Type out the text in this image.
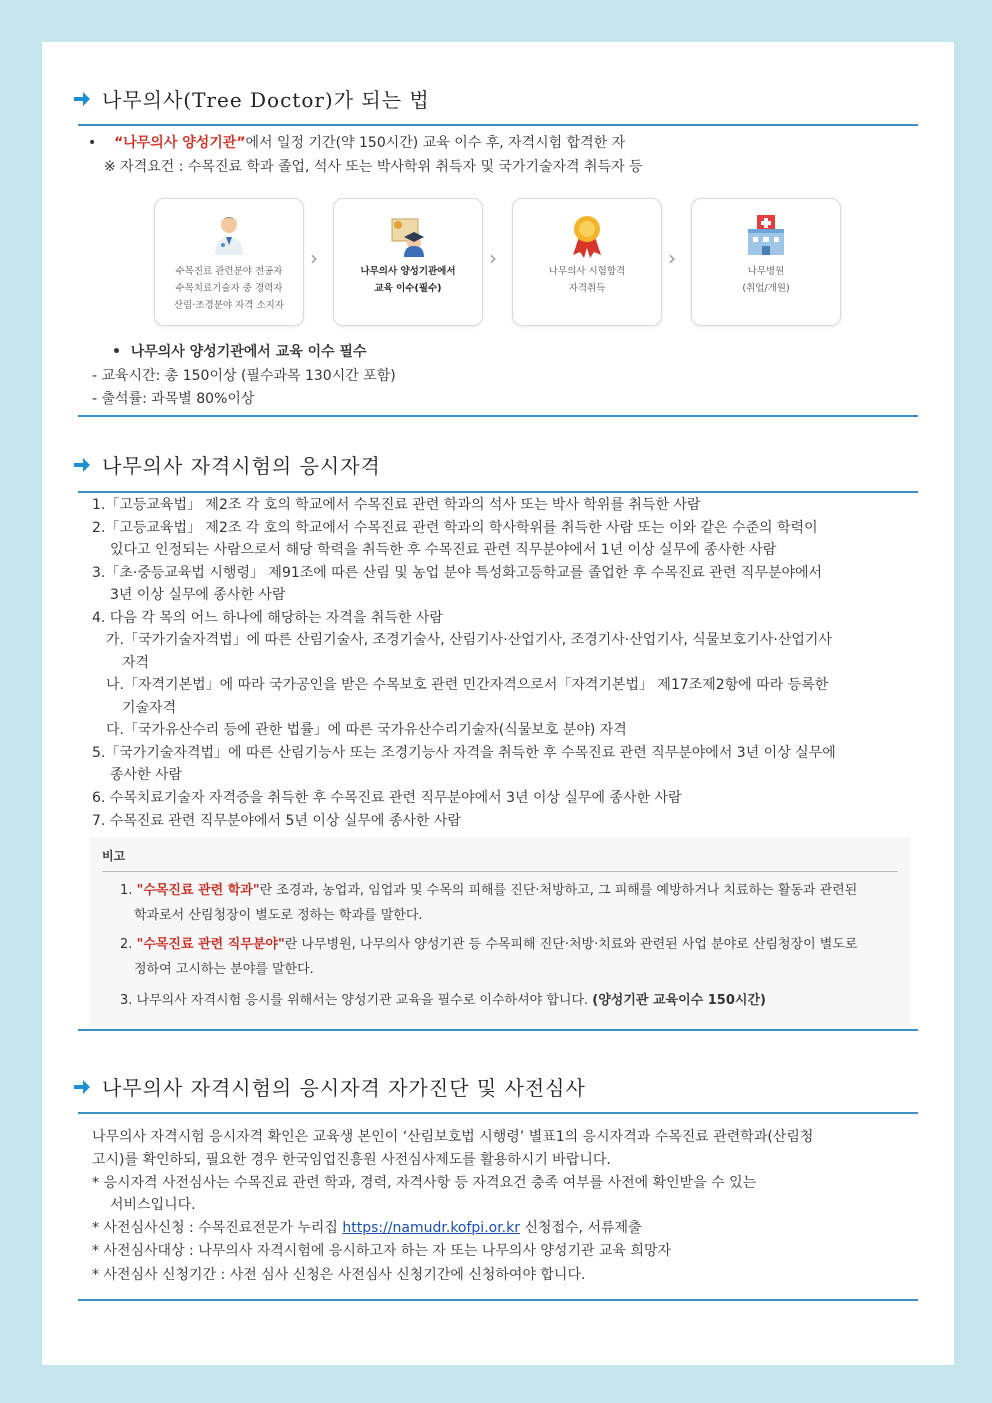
나무의사(Tree Doctor)가 되는 법
•    “나무의사 양성기관”에서 일정 기간(약 150시간) 교육 이수 후, 자격시험 합격한 자
※ 자격요건 : 수목진료 학과 졸업, 석사 또는 박사학위 취득자 및 국가기술자격 취득자 등
수목진료 관련분야 전공자
수목치료기술자 중 경력자
산림·조경분야 자격 소지자
›
나무의사 양성기관에서
교육 이수(필수)
›
나무의사 시험합격
자격취득
›
나무병원
(취업/개원)
•  나무의사 양성기관에서 교육 이수 필수
- 교육시간: 총 150이상 (필수과목 130시간 포함)
- 출석률: 과목별 80%이상
나무의사 자격시험의 응시자격
1.「고등교육법」 제2조 각 호의 학교에서 수목진료 관련 학과의 석사 또는 박사 학위를 취득한 사람
2.「고등교육법」 제2조 각 호의 학교에서 수목진료 관련 학과의 학사학위를 취득한 사람 또는 이와 같은 수준의 학력이
있다고 인정되는 사람으로서 해당 학력을 취득한 후 수목진료 관련 직무분야에서 1년 이상 실무에 종사한 사람
3.「초·중등교육법 시행령」 제91조에 따른 산림 및 농업 분야 특성화고등학교를 졸업한 후 수목진료 관련 직무분야에서
3년 이상 실무에 종사한 사람
4. 다음 각 목의 어느 하나에 해당하는 자격을 취득한 사람
가.「국가기술자격법」에 따른 산림기술사, 조경기술사, 산림기사·산업기사, 조경기사·산업기사, 식물보호기사·산업기사
자격
나.「자격기본법」에 따라 국가공인을 받은 수목보호 관련 민간자격으로서「자격기본법」 제17조제2항에 따라 등록한
기술자격
다.「국가유산수리 등에 관한 법률」에 따른 국가유산수리기술자(식물보호 분야) 자격
5.「국가기술자격법」에 따른 산림기능사 또는 조경기능사 자격을 취득한 후 수목진료 관련 직무분야에서 3년 이상 실무에
종사한 사람
6. 수목치료기술자 자격증을 취득한 후 수목진료 관련 직무분야에서 3년 이상 실무에 종사한 사람
7. 수목진료 관련 직무분야에서 5년 이상 실무에 종사한 사람
비고
1. "수목진료 관련 학과"란 조경과, 농업과, 임업과 및 수목의 피해를 진단·처방하고, 그 피해를 예방하거나 치료하는 활동과 관련된
학과로서 산림청장이 별도로 정하는 학과를 말한다.
2. "수목진료 관련 직무분야"란 나무병원, 나무의사 양성기관 등 수목피해 진단·처방·치료와 관련된 사업 분야로 산림청장이 별도로
정하여 고시하는 분야를 말한다.
3. 나무의사 자격시험 응시를 위해서는 양성기관 교육을 필수로 이수하셔야 합니다. (양성기관 교육이수 150시간)
나무의사 자격시험의 응시자격 자가진단 및 사전심사
나무의사 자격시험 응시자격 확인은 교육생 본인이 ‘산림보호법 시행령’ 별표1의 응시자격과 수목진료 관련학과(산림청
고시)를 확인하되, 필요한 경우 한국임업진흥원 사전심사제도를 활용하시기 바랍니다.
* 응시자격 사전심사는 수목진료 관련 학과, 경력, 자격사항 등 자격요건 충족 여부를 사전에 확인받을 수 있는
서비스입니다.
* 사전심사신청 : 수목진료전문가 누리집 https://namudr.kofpi.or.kr 신청접수, 서류제출
* 사전심사대상 : 나무의사 자격시험에 응시하고자 하는 자 또는 나무의사 양성기관 교육 희망자
* 사전심사 신청기간 : 사전 심사 신청은 사전심사 신청기간에 신청하여야 합니다.
